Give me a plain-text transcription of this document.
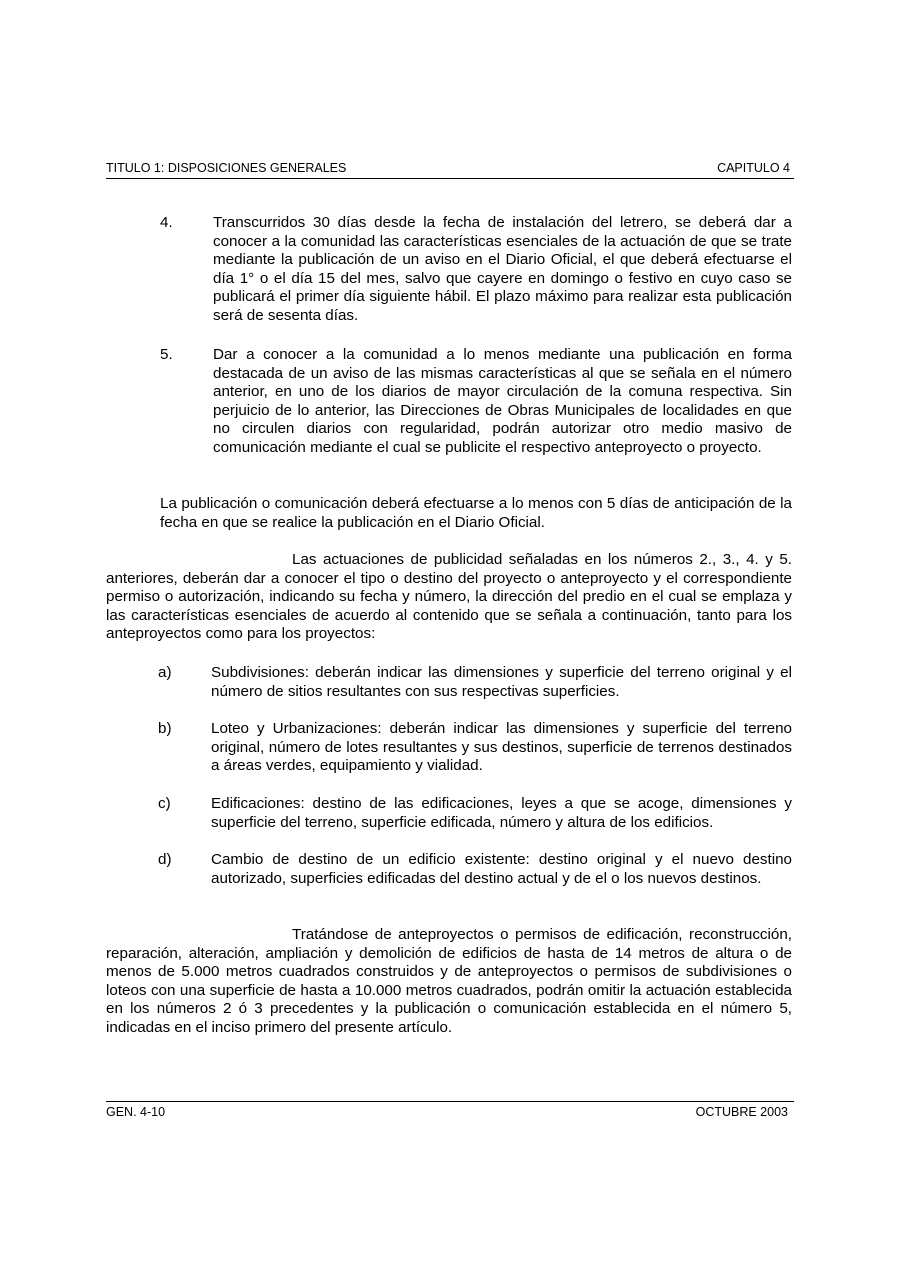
TITULO 1: DISPOSICIONES GENERALES	CAPITULO 4
4.	Transcurridos 30 días desde la fecha de instalación del letrero, se deberá dar a conocer a la comunidad las características esenciales de la actuación de que se trate mediante la publicación de un aviso en el Diario Oficial, el que deberá efectuarse el día 1° o el día 15 del mes, salvo que cayere en domingo o festivo en cuyo caso se publicará el primer día siguiente hábil. El plazo máximo para realizar esta publicación será de sesenta días.

5.	Dar a conocer a la comunidad a lo menos mediante una publicación en forma destacada de un aviso de las mismas características al que se señala en el número anterior, en uno de los diarios de mayor circulación de la comuna respectiva. Sin perjuicio de lo anterior, las Direcciones de Obras Municipales de localidades en que no circulen diarios con regularidad, podrán autorizar otro medio masivo de comunicación mediante el cual se publicite el respectivo anteproyecto o proyecto.

La publicación o comunicación deberá efectuarse a lo menos con 5 días de anticipación de la fecha en que se realice la publicación en el Diario Oficial.

Las actuaciones de publicidad señaladas en los números 2., 3., 4. y 5. anteriores, deberán dar a conocer el tipo o destino del proyecto o anteproyecto y el correspondiente permiso o autorización, indicando su fecha y número, la dirección del predio en el cual se emplaza y las características esenciales de acuerdo al contenido que se señala a continuación, tanto para los anteproyectos como para los proyectos:

a)	Subdivisiones: deberán indicar las dimensiones y superficie del terreno original y el número de sitios resultantes con sus respectivas superficies.

b)	Loteo y Urbanizaciones: deberán indicar las dimensiones y superficie del terreno original, número de lotes resultantes y sus destinos, superficie de terrenos destinados a áreas verdes, equipamiento y vialidad.

c)	Edificaciones: destino de las edificaciones, leyes a que se acoge, dimensiones y superficie del terreno, superficie edificada, número y altura de los edificios.

d)	Cambio de destino de un edificio existente: destino original y el nuevo destino autorizado, superficies edificadas del destino actual y de el o los nuevos destinos.

Tratándose de anteproyectos o permisos de edificación, reconstrucción, reparación, alteración, ampliación y demolición de edificios de hasta de 14 metros de altura o de menos de 5.000 metros cuadrados construidos y de anteproyectos o permisos de subdivisiones o loteos con una superficie de hasta a 10.000 metros cuadrados, podrán omitir la actuación establecida en los números 2 ó 3 precedentes y la publicación o comunicación establecida en el número 5, indicadas en el inciso primero del presente artículo.

GEN. 4-10	OCTUBRE 2003
